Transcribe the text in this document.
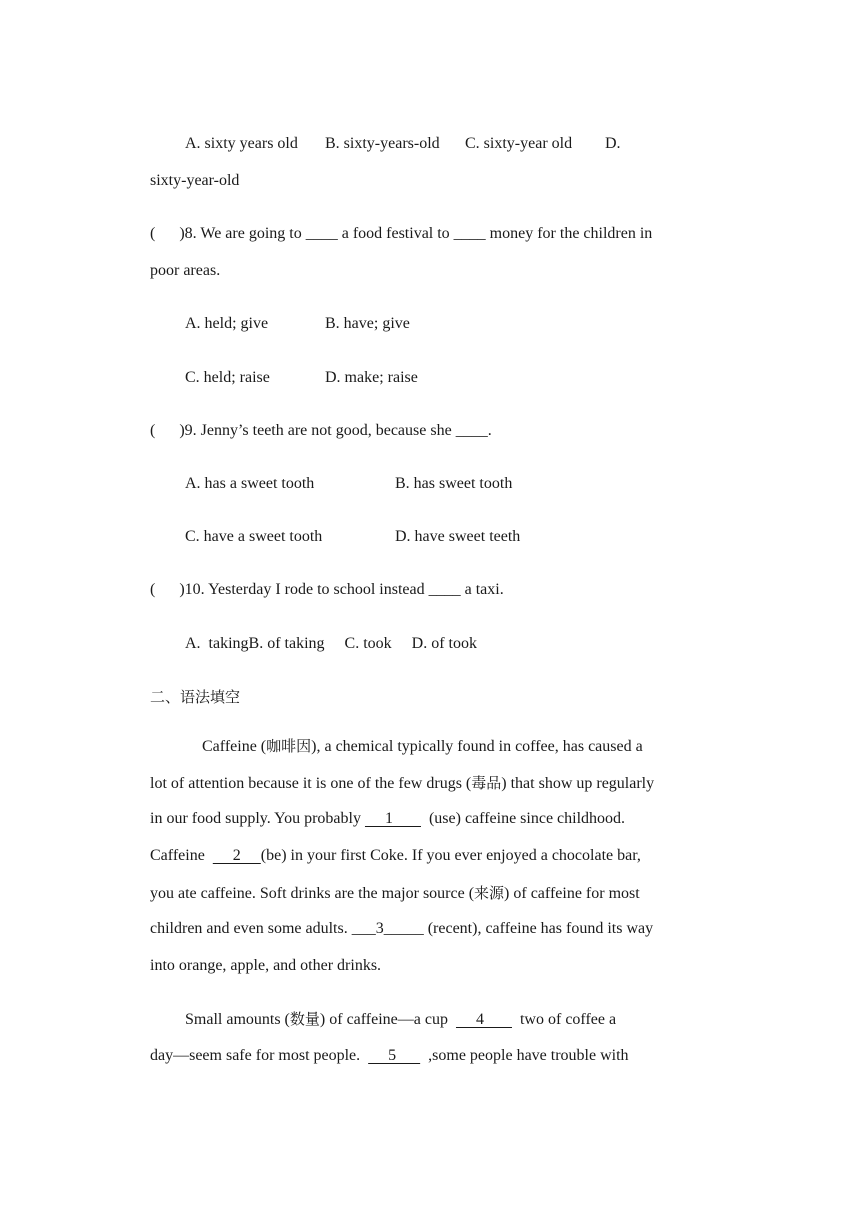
A. sixty years old B. sixty-years-old C. sixty-year old D.
sixty-year-old
(      )8. We are going to ____ a food festival to ____ money for the children in
poor areas.
A. held; give	B. have; give
C. held; raise	D. make; raise
(      )9. Jenny’s teeth are not good, because she ____.
A. has a sweet tooth	B. has sweet tooth
C. have a sweet tooth	D. have sweet teeth
(      )10. Yesterday I rode to school instead ____ a taxi.
A.  takingB. of taking     C. took     D. of took
二、语法填空
Caffeine (咖啡因), a chemical typically found in coffee, has caused a
lot of attention because it is one of the few drugs (毒品) that show up regularly
in our food supply. You probably      1         (use) caffeine since childhood.
Caffeine       2     (be) in your first Coke. If you ever enjoyed a chocolate bar,
you ate caffeine. Soft drinks are the major source (来源) of caffeine for most
children and even some adults. ___3_____ (recent), caffeine has found its way
into orange, apple, and other drinks.
Small amounts (数量) of caffeine—a cup       4         two of coffee a
day—seem safe for most people.       5        ,some people have trouble with
